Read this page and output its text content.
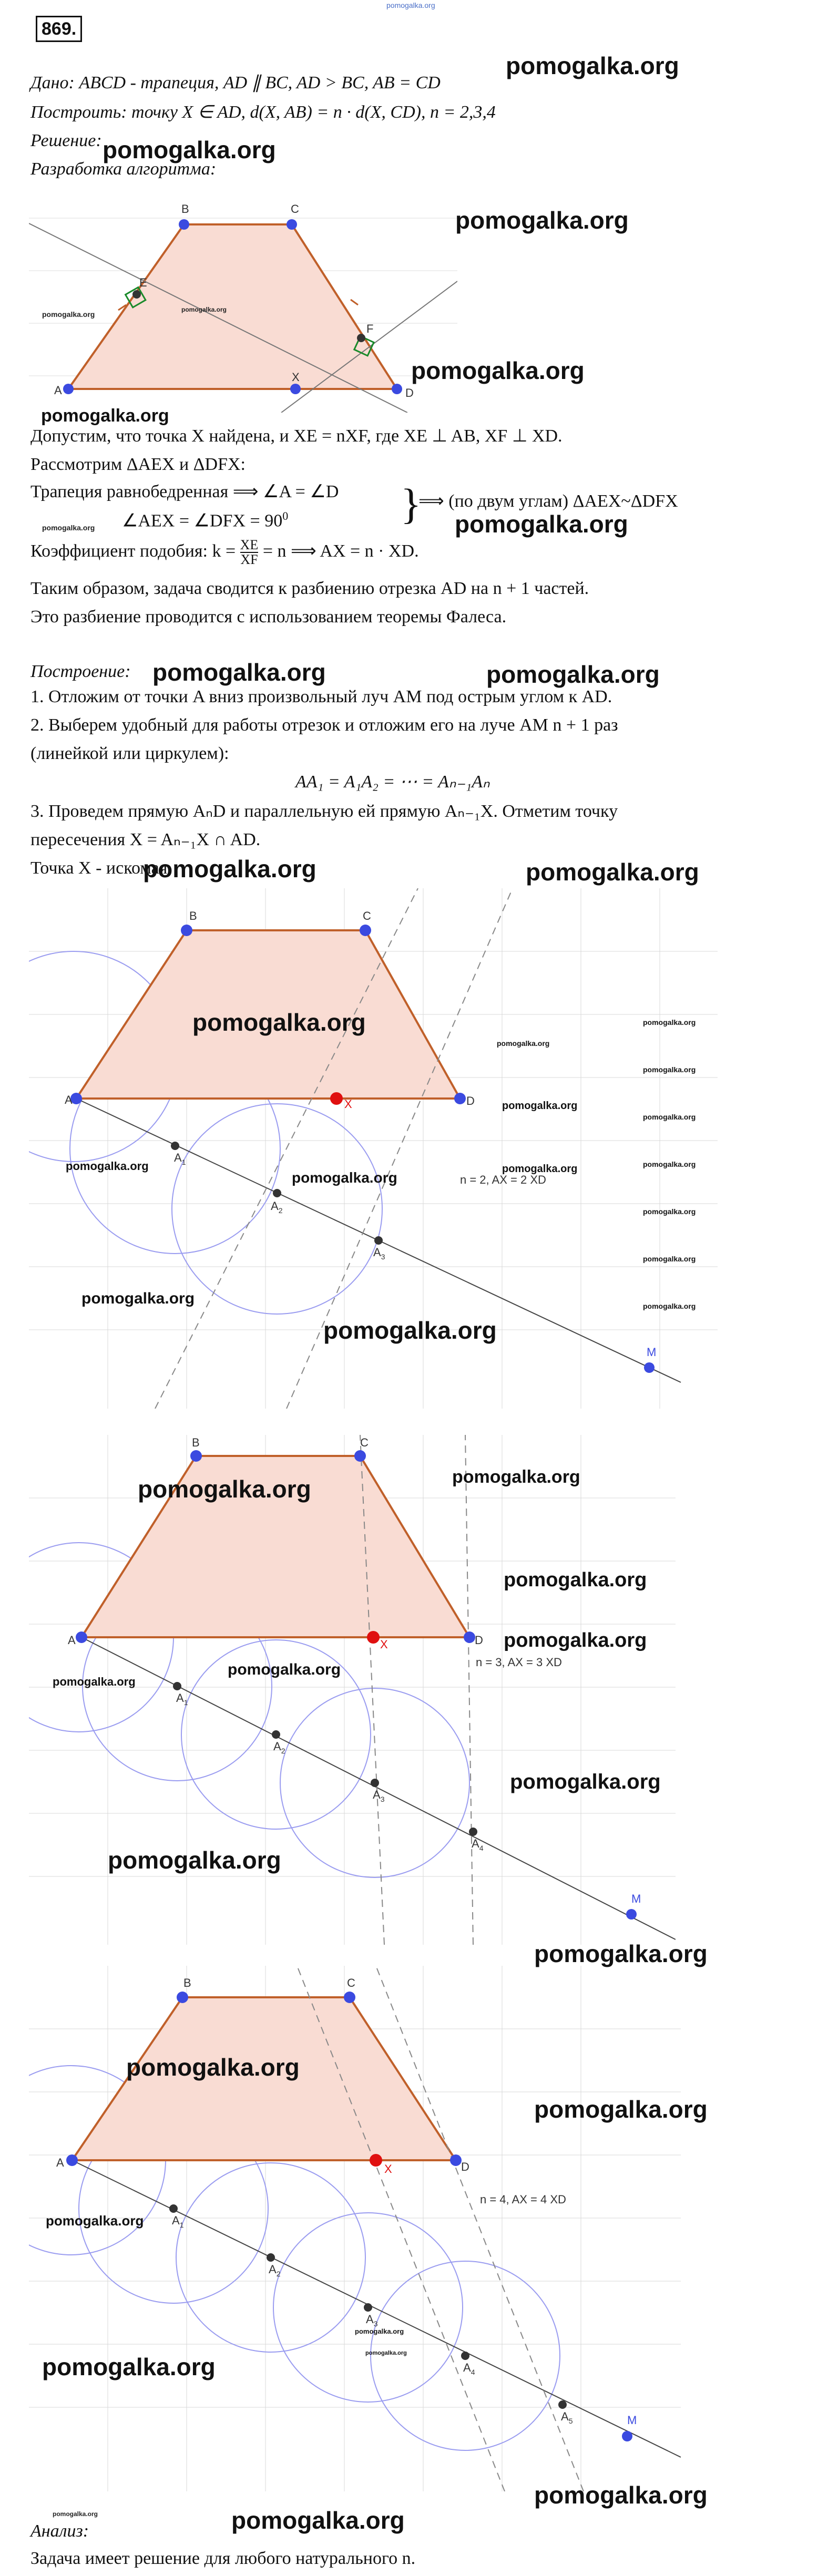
pomogalka.org
869.
Дано: ABCD - трапеция, AD ∥ BC, AD > BC, AB = CD
pomogalka.org
Построить: точку X ∈ AD, d(X, AB) = n · d(X, CD), n = 2,3,4
Решение: pomogalka.org
Разработка алгоритма:
A
B	C
D
E
F
X
pomogalka.org
pomogalka.org
pomogalka.org
pomogalka.org
pomogalka.org
Допустим, что точка X найдена, и XE = nXF, где XE ⊥ AB, XF ⊥ XD.
Рассмотрим ΔAEX и ΔDFX:
Трапеция равнобедренная ⟹ ∠A = ∠D
∠AEX = ∠DFX = $90^0$	}
⟹ (по двум углам) ΔAEX~ΔDFX
pomogalka.org	pomogalka.org
Коэффициент подобия: $k = \frac{XE}{XF} = n$ ⟹ AX = n · XD.
Таким образом, задача сводится к разбиению отрезка AD на n + 1 частей.
Это разбиение проводится с использованием теоремы Фалеса.
Построение: pomogalka.org	pomogalka.org
1. Отложим от точки A вниз произвольный луч AM под острым углом к AD.
2. Выберем удобный для работы отрезок и отложим его на луче AM n + 1 раз
(линейкой или циркулем):
AA₁ = A₁A₂ = ⋯ = Aₙ₋₁Aₙ
3. Проведем прямую AₙD и параллельную ей прямую Aₙ₋₁X. Отметим точку
пересечения X = Aₙ₋₁X ∩ AD.
Точка X - искомая
pomogalka.org	pomogalka.org
A
B	C
D
X
$A_1$
$A_2$
$A_3$
M
n = 2, AX = 2 XD
pomogalka.org
pomogalka.org
pomogalka.org
pomogalka.org
pomogalka.org
pomogalka.org
pomogalka.org
pomogalka.org
pomogalka.org
pomogalka.org
pomogalka.org
pomogalka.org
pomogalka.org
pomogalka.org
pomogalka.org
A
B	C
D
X
$A_1$
$A_2$
$A_3$
$A_4$
M
n = 3, AX = 3 XD
pomogalka.org
pomogalka.org
pomogalka.org	pomogalka.org
pomogalka.org
pomogalka.org
pomogalka.org
pomogalka.org
pomogalka.org
A
B	C
D
X
$A_1$
$A_2$
$A_3$
$A_4$
$A_5$	M
n = 4, AX = 4 XD
pomogalka.org
pomogalka.org
pomogalka.org
pomogalka.org
pomogalka.org
pomogalka.org
pomogalka.org
pomogalka.org	pomogalka.org
Анализ:
Задача имеет решение для любого натурального n.
